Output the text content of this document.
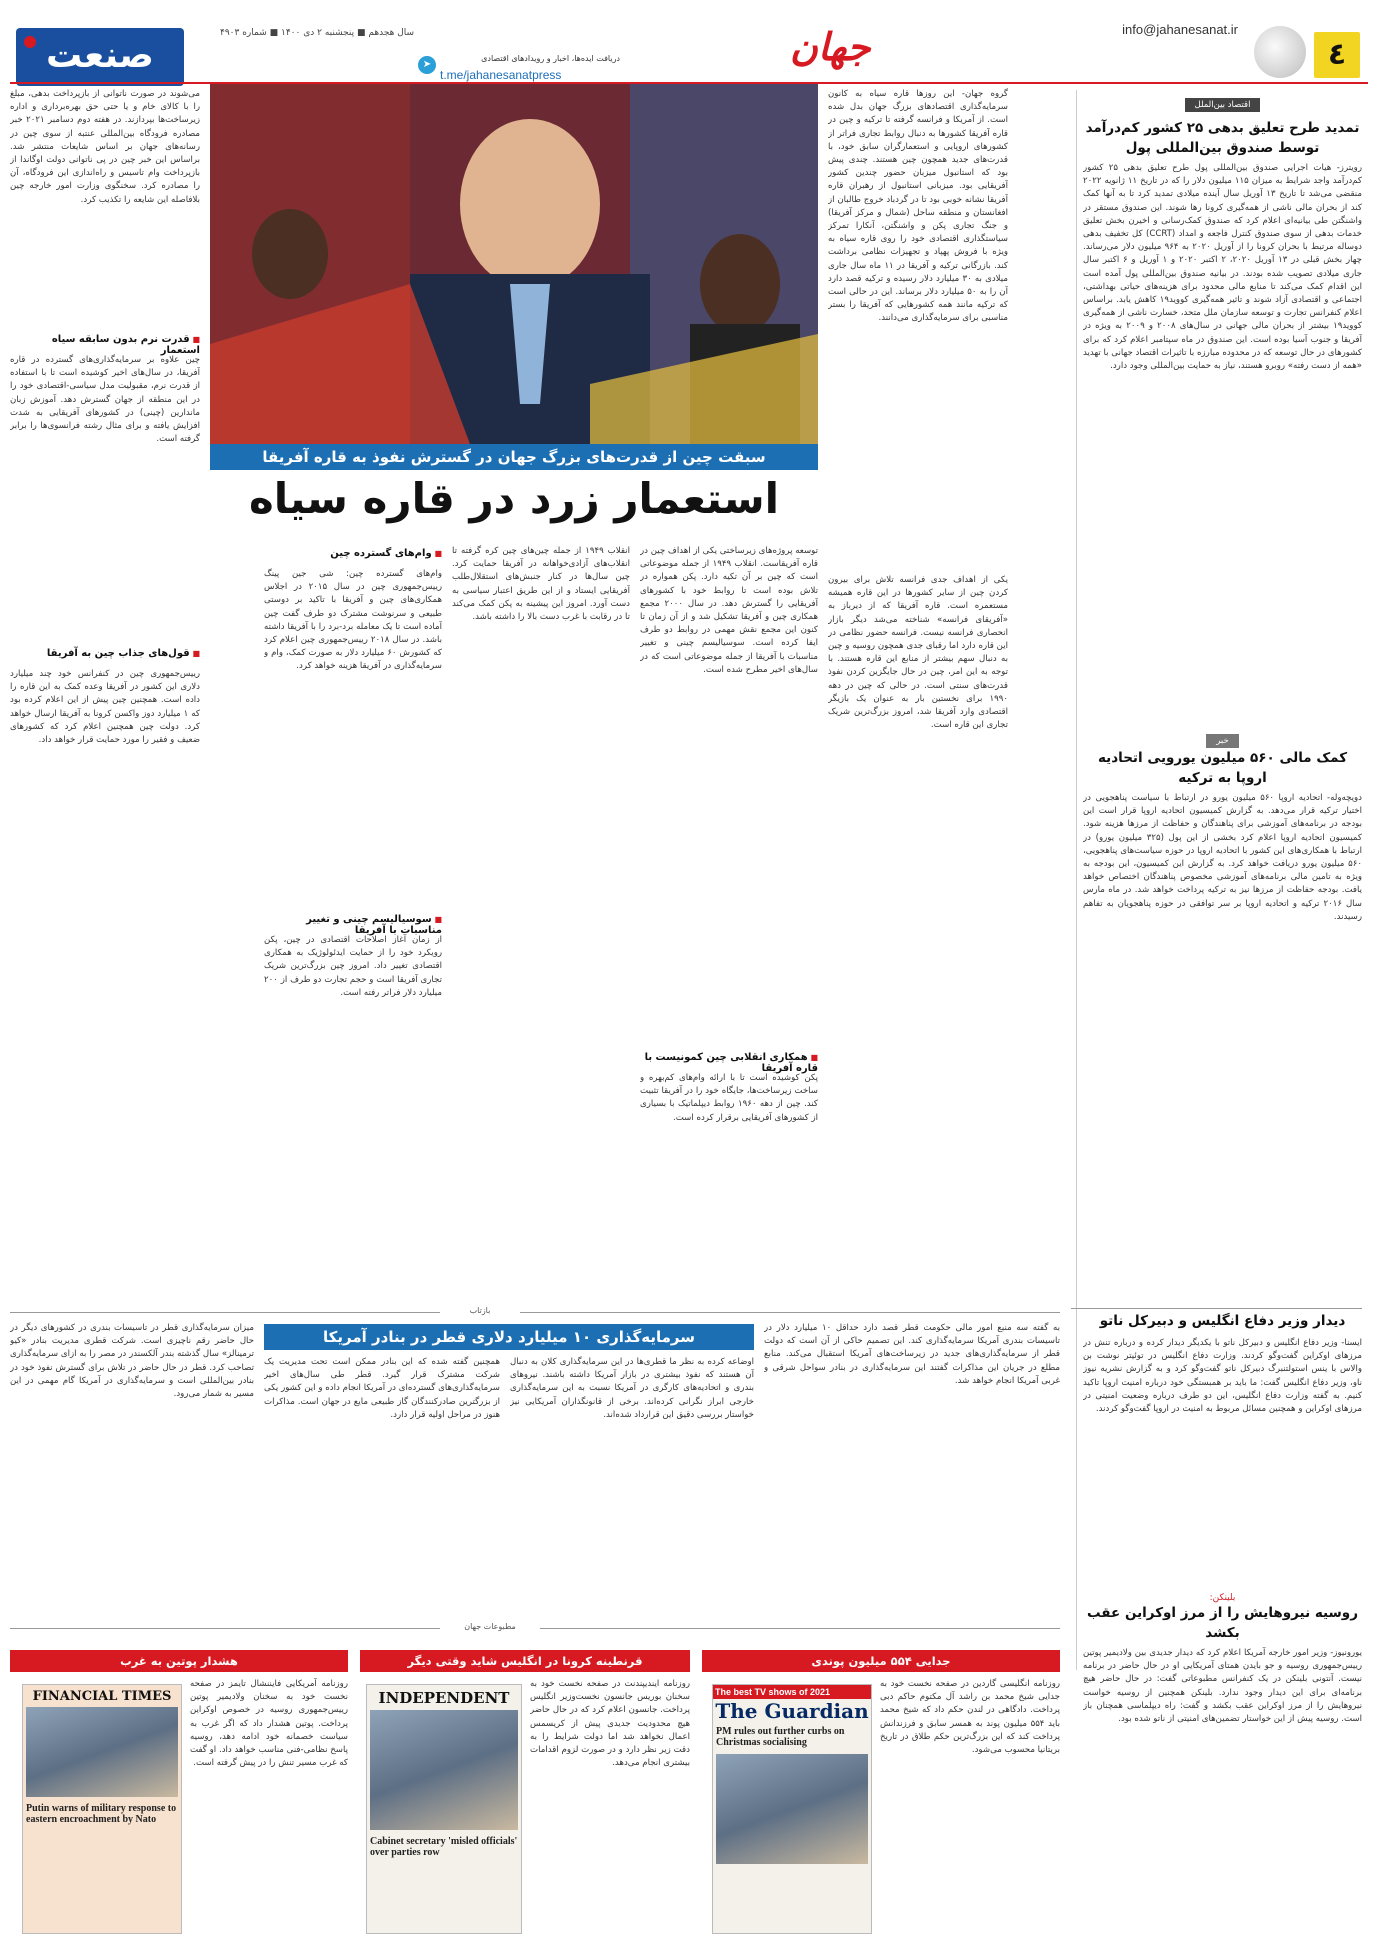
٤
info@jahanesanat.ir
جهان
➤
دریافت ایده‌ها، اخبار و رویدادهای اقتصادی
t.me/jahanesanatpress
سال هجدهم ■ پنجشنبه ۲ دی ۱۴۰۰ ■ شماره ۴۹۰۳
صنعت
اقتصاد بین‌الملل
تمدید طرح تعلیق بدهی ۲۵ کشور کم‌درآمد توسط صندوق بین‌المللی پول
رویترز- هیات اجرایی صندوق بین‌المللی پول طرح تعلیق بدهی ۲۵ کشور کم‌درآمد واجد شرایط به میزان ۱۱۵ میلیون دلار را که در تاریخ ۱۱ ژانویه ۲۰۲۲ منقضی می‌شد تا تاریخ ۱۳ آوریل سال آینده میلادی تمدید کرد تا به آنها کمک کند از بحران مالی ناشی از همه‌گیری کرونا رها شوند. این صندوق مستقر در واشنگتن طی بیانیه‌ای اعلام کرد که صندوق کمک‌رسانی و اخیرن بخش تعلیق خدمات بدهی از سوی صندوق کنترل فاجعه و امداد (CCRT) کل تخفیف بدهی دوساله مرتبط با بحران کرونا را از آوریل ۲۰۲۰ به ۹۶۴ میلیون دلار می‌رساند. چهار بخش قبلی در ۱۳ آوریل ۲۰۲۰، ۲ اکتبر ۲۰۲۰ و ۱ آوریل و ۶ اکتبر سال جاری میلادی تصویب شده بودند. در بیانیه صندوق بین‌المللی پول آمده است این اقدام کمک می‌کند تا منابع مالی محدود برای هزینه‌های حیاتی بهداشتی، اجتماعی و اقتصادی آزاد شوند و تاثیر همه‌گیری کووید۱۹ کاهش یابد. براساس اعلام کنفرانس تجارت و توسعه سازمان ملل متحد، خسارت ناشی از همه‌گیری کووید۱۹ بیشتر از بحران مالی جهانی در سال‌های ۲۰۰۸ و ۲۰۰۹ به ویژه در آفریقا و جنوب آسیا بوده است. این صندوق در ماه سپتامبر اعلام کرد که برای کشورهای در حال توسعه که در محدوده مبارزه با تاثیرات اقتصاد جهانی با تهدید «همه از دست رفته» روبرو هستند، نیاز به حمایت بین‌المللی وجود دارد.
خبر
کمک مالی ۵۶۰ میلیون یورویی اتحادیه اروپا به ترکیه
دویچه‌وله- اتحادیه اروپا ۵۶۰ میلیون یورو در ارتباط با سیاست پناهجویی در اختیار ترکیه قرار می‌دهد. به گزارش کمیسیون اتحادیه اروپا قرار است این بودجه در برنامه‌های آموزشی برای پناهندگان و حفاظت از مرزها هزینه شود. کمیسیون اتحادیه اروپا اعلام کرد بخشی از این پول (۳۲۵ میلیون یورو) در ارتباط با همکاری‌های این کشور با اتحادیه اروپا در حوزه سیاست‌های پناهجویی، ۵۶۰ میلیون یورو دریافت خواهد کرد. به گزارش این کمیسیون، این بودجه به ویژه به تامین مالی برنامه‌های آموزشی مخصوص پناهندگان اختصاص خواهد یافت. بودجه حفاظت از مرزها نیز به ترکیه پرداخت خواهد شد. در ماه مارس سال ۲۰۱۶ ترکیه و اتحادیه اروپا بر سر توافقی در حوزه پناهجویان به تفاهم رسیدند.
دیدار وزیر دفاع انگلیس و دبیرکل ناتو
ایسنا- وزیر دفاع انگلیس و دبیرکل ناتو با یکدیگر دیدار کرده و درباره تنش در مرزهای اوکراین گفت‌وگو کردند. وزارت دفاع انگلیس در توئیتر نوشت بن والاس با ینس استولتنبرگ دبیرکل ناتو گفت‌وگو کرد و به گزارش نشریه نیوز ناو، وزیر دفاع انگلیس گفت: ما باید بر همبستگی خود درباره امنیت اروپا تاکید کنیم. به گفته وزارت دفاع انگلیس، این دو طرف درباره وضعیت امنیتی در مرزهای اوکراین و همچنین مسائل مربوط به امنیت در اروپا گفت‌وگو کردند.
بلینکن:
روسیه نیروهایش را از مرز اوکراین عقب بکشد
یورونیوز- وزیر امور خارجه آمریکا اعلام کرد که دیدار جدیدی بین ولادیمیر پوتین رییس‌جمهوری روسیه و جو بایدن همتای آمریکایی او در حال حاضر در برنامه نیست. آنتونی بلینکن در یک کنفرانس مطبوعاتی گفت: در حال حاضر هیچ برنامه‌ای برای این دیدار وجود ندارد. بلینکن همچنین از روسیه خواست نیروهایش را از مرز اوکراین عقب بکشد و گفت: راه دیپلماسی همچنان باز است. روسیه پیش از این خواستار تضمین‌های امنیتی از ناتو شده بود.
سبقت چین از قدرت‌های بزرگ جهان در گسترش نفوذ به قاره آفریقا
استعمار زرد در قاره سیاه
گروه جهان- این روزها قاره سیاه به کانون سرمایه‌گذاری اقتصادهای بزرگ جهان بدل شده است. از آمریکا و فرانسه گرفته تا ترکیه و چین در قاره آفریقا کشورها به دنبال روابط تجاری فراتر از کشورهای اروپایی و استعمارگران سابق خود، با قدرت‌های جدید همچون چین هستند. چندی پیش بود که استانبول میزبان حضور چندین کشور آفریقایی بود. میزبانی استانبول از رهبران قاره آفریقا نشانه خوبی بود تا در گردباد خروج طالبان از افغانستان و منطقه ساحل (شمال و مرکز آفریقا) و جنگ تجاری پکن و واشنگتن، آنکارا تمرکز سیاستگذاری اقتصادی خود را روی قاره سیاه به ویژه با فروش پهپاد و تجهیزات نظامی برداشت کند. بازرگانی ترکیه و آفریقا در ۱۱ ماه سال جاری میلادی به ۳۰ میلیارد دلار رسیده و ترکیه قصد دارد آن را به ۵۰ میلیارد دلار برساند. این در حالی است که ترکیه مانند همه کشورهایی که آفریقا را بستر مناسبی برای سرمایه‌گذاری می‌دانند.
یکی از اهداف جدی فرانسه تلاش برای بیرون کردن چین از سایر کشورها در این قاره همیشه مستعمره است. قاره آفریقا که از دیرباز به «آفریقای فرانسه» شناخته می‌شد دیگر بازار انحصاری فرانسه نیست. فرانسه حضور نظامی در این قاره دارد اما رقبای جدی همچون روسیه و چین به دنبال سهم بیشتر از منابع این قاره هستند. با توجه به این امر، چین در حال جایگزین کردن نفوذ قدرت‌های سنتی است. در حالی که چین در دهه ۱۹۹۰ برای نخستین بار به عنوان یک بازیگر اقتصادی وارد آفریقا شد، امروز بزرگ‌ترین شریک تجاری این قاره است.
توسعه پروژه‌های زیرساختی یکی از اهداف چین در قاره آفریقاست. انقلاب ۱۹۴۹ از جمله موضوعاتی است که چین بر آن تکیه دارد. پکن همواره در تلاش بوده است تا روابط خود با کشورهای آفریقایی را گسترش دهد. در سال ۲۰۰۰ مجمع همکاری چین و آفریقا تشکیل شد و از آن زمان تا کنون این مجمع نقش مهمی در روابط دو طرف ایفا کرده است. سوسیالیسم چینی و تغییر مناسبات با آفریقا از جمله موضوعاتی است که در سال‌های اخیر مطرح شده است.
■ همکاری انقلابی چین کمونیست با قاره آفریقا
پکن کوشیده است تا با ارائه وام‌های کم‌بهره و ساخت زیرساخت‌ها، جایگاه خود را در آفریقا تثبیت کند. چین از دهه ۱۹۶۰ روابط دیپلماتیک با بسیاری از کشورهای آفریقایی برقرار کرده است.
انقلاب ۱۹۴۹ از جمله چین‌های چین کره گرفته تا انقلاب‌های آزادی‌خواهانه در آفریقا حمایت کرد. چین سال‌ها در کنار جنبش‌های استقلال‌طلب آفریقایی ایستاد و از این طریق اعتبار سیاسی به دست آورد. امروز این پیشینه به پکن کمک می‌کند تا در رقابت با غرب دست بالا را داشته باشد.
■ وام‌های گسترده چین
وام‌های گسترده چین: شی جین پینگ رییس‌جمهوری چین در سال ۲۰۱۵ در اجلاس همکاری‌های چین و آفریقا با تاکید بر دوستی طبیعی و سرنوشت مشترک دو طرف گفت چین آماده است تا یک معامله برد-برد را با آفریقا داشته باشد. در سال ۲۰۱۸ رییس‌جمهوری چین اعلام کرد که کشورش ۶۰ میلیارد دلار به صورت کمک، وام و سرمایه‌گذاری در آفریقا هزینه خواهد کرد.
■ سوسیالیسم چینی و تغییر مناسبات با آفریقا
از زمان آغاز اصلاحات اقتصادی در چین، پکن رویکرد خود را از حمایت ایدئولوژیک به همکاری اقتصادی تغییر داد. امروز چین بزرگ‌ترین شریک تجاری آفریقا است و حجم تجارت دو طرف از ۲۰۰ میلیارد دلار فراتر رفته است.
می‌شوند در صورت ناتوانی از بازپرداخت بدهی، مبلغ را با کالای خام و یا حتی حق بهره‌برداری و اداره زیرساخت‌ها بپردازند. در هفته دوم دسامبر ۲۰۲۱ خبر مصادره فرودگاه بین‌المللی عنتبه از سوی چین در رسانه‌های جهان بر اساس شایعات منتشر شد. براساس این خبر چین در پی ناتوانی دولت اوگاندا از بازپرداخت وام تاسیس و راه‌اندازی این فرودگاه، آن را مصادره کرد. سخنگوی وزارت امور خارجه چین بلافاصله این شایعه را تکذیب کرد.
■ قدرت نرم بدون سابقه سیاه استعمار
چین علاوه بر سرمایه‌گذاری‌های گسترده در قاره آفریقا، در سال‌های اخیر کوشیده است تا با استفاده از قدرت نرم، مقبولیت مدل سیاسی-اقتصادی خود را در این منطقه از جهان گسترش دهد. آموزش زبان ماندارین (چینی) در کشورهای آفریقایی به شدت افزایش یافته و برای مثال رشته فرانسوی‌ها را برابر گرفته است.
■ قول‌های جذاب چین به آفریقا
رییس‌جمهوری چین در کنفرانس خود چند میلیارد دلاری این کشور در آفریقا وعده کمک به این قاره را داده است. همچنین چین پیش از این اعلام کرده بود که ۱ میلیارد دوز واکسن کرونا به آفریقا ارسال خواهد کرد. دولت چین همچنین اعلام کرد که کشورهای ضعیف و فقیر را مورد حمایت قرار خواهد داد.
بازتاب
سرمایه‌گذاری ۱۰ میلیارد دلاری قطر در بنادر آمریکا	به گفته سه منبع امور مالی حکومت قطر قصد دارد حداقل ۱۰ میلیارد دلار در تاسیسات بندری آمریکا سرمایه‌گذاری کند. این تصمیم حاکی از آن است که دولت قطر از سرمایه‌گذاری‌های جدید در زیرساخت‌های آمریکا استقبال می‌کند. منابع مطلع در جریان این مذاکرات گفتند این سرمایه‌گذاری در بنادر سواحل شرقی و غربی آمریکا انجام خواهد شد.
اوضاعه کرده به نظر ما قطری‌ها در این سرمایه‌گذاری کلان به دنبال آن هستند که نفوذ بیشتری در بازار آمریکا داشته باشند. نیروهای بندری و اتحادیه‌های کارگری در آمریکا نسبت به این سرمایه‌گذاری خارجی ابراز نگرانی کرده‌اند. برخی از قانونگذاران آمریکایی نیز خواستار بررسی دقیق این قرارداد شده‌اند.
همچنین گفته شده که این بنادر ممکن است تحت مدیریت یک شرکت مشترک قرار گیرد. قطر طی سال‌های اخیر سرمایه‌گذاری‌های گسترده‌ای در آمریکا انجام داده و این کشور یکی از بزرگترین صادرکنندگان گاز طبیعی مایع در جهان است. مذاکرات هنوز در مراحل اولیه قرار دارد.
میزان سرمایه‌گذاری قطر در تاسیسات بندری در کشورهای دیگر در حال حاضر رقم ناچیزی است. شرکت قطری مدیریت بنادر «کیو ترمینالز» سال گذشته بندر آلکسندر در مصر را به ازای سرمایه‌گذاری تصاحب کرد. قطر در حال حاضر در تلاش برای گسترش نفوذ خود در بنادر بین‌المللی است و سرمایه‌گذاری در آمریکا گام مهمی در این مسیر به شمار می‌رود.
مطبوعات جهان
جدایی ۵۵۴ میلیون پوندی
روزنامه انگلیسی گاردین در صفحه نخست خود به جدایی شیخ محمد بن راشد آل مکتوم حاکم دبی پرداخت. دادگاهی در لندن حکم داد که شیخ محمد باید ۵۵۴ میلیون پوند به همسر سابق و فرزندانش پرداخت کند که این بزرگ‌ترین حکم طلاق در تاریخ بریتانیا محسوب می‌شود.
The best TV shows of 2021
The Guardian
PM rules out further curbs on Christmas socialising
قرنطینه کرونا در انگلیس شاید وقتی دیگر
روزنامه ایندیپندنت در صفحه نخست خود به سخنان بوریس جانسون نخست‌وزیر انگلیس پرداخت. جانسون اعلام کرد که در حال حاضر هیچ محدودیت جدیدی پیش از کریسمس اعمال نخواهد شد اما دولت شرایط را به دقت زیر نظر دارد و در صورت لزوم اقدامات بیشتری انجام می‌دهد.
INDEPENDENT
Cabinet secretary 'misled officials' over parties row
هشدار پوتین به غرب
روزنامه آمریکایی فایننشال تایمز در صفحه نخست خود به سخنان ولادیمیر پوتین رییس‌جمهوری روسیه در خصوص اوکراین پرداخت. پوتین هشدار داد که اگر غرب به سیاست خصمانه خود ادامه دهد، روسیه پاسخ نظامی-فنی مناسب خواهد داد. او گفت که غرب مسیر تنش را در پیش گرفته است.
FINANCIAL TIMES
Putin warns of military response to eastern encroachment by Nato
